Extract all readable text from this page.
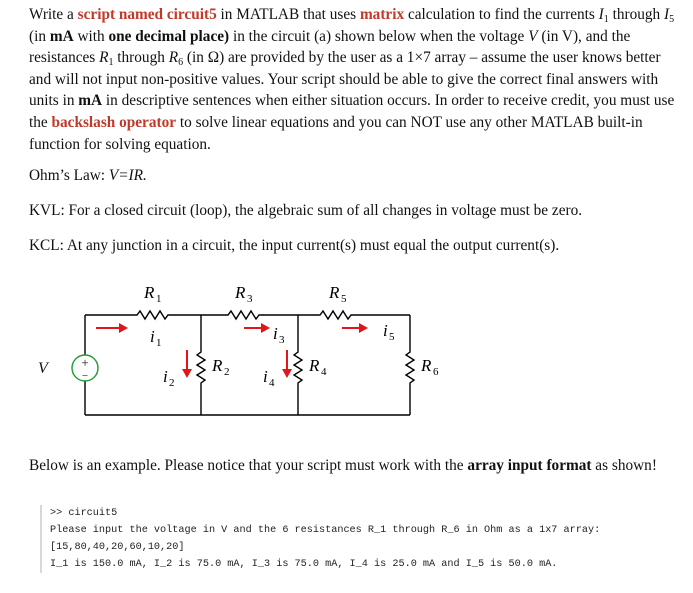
Write a script named circuit5 in MATLAB that uses matrix calculation to find the currents $I_1$ through $I_5$ (in mA with one decimal place) in the circuit (a) shown below when the voltage V (in V), and the resistances $R_1$ through $R_6$ (in Ω) are provided by the user as a 1×7 array – assume the user knows better and will not input non-positive values. Your script should be able to give the correct final answers with units in mA in descriptive sentences when either situation occurs. In order to receive credit, you must use the backslash operator to solve linear equations and you can NOT use any other MATLAB built-in function for solving equation.
Ohm’s Law: V=IR.
KVL: For a closed circuit (loop), the algebraic sum of all changes in voltage must be zero.
KCL: At any junction in a circuit, the input current(s) must equal the output current(s).
+
−
V
R 1	R 3	R 5
R 2	R 4	R 6
i 1	i 3	i 5
i 2	i 4
Below is an example. Please notice that your script must work with the array input format as shown!
>> circuit5
Please input the voltage in V and the 6 resistances R_1 through R_6 in Ohm as a 1x7 array:
[15,80,40,20,60,10,20]
I_1 is 150.0 mA, I_2 is 75.0 mA, I_3 is 75.0 mA, I_4 is 25.0 mA and I_5 is 50.0 mA.
